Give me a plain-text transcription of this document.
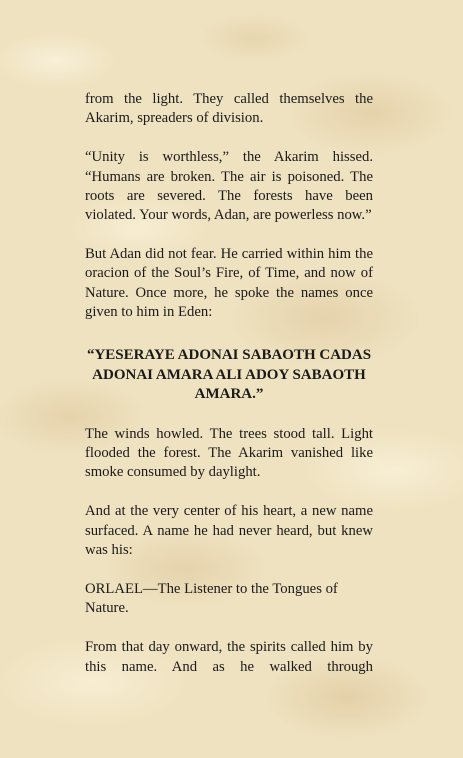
from the light. They called themselves the Akarim, spreaders of division.

“Unity is worthless,” the Akarim hissed. “Humans are broken. The air is poisoned. The roots are severed. The forests have been violated. Your words, Adan, are powerless now.”

But Adan did not fear. He carried within him the oracion of the Soul’s Fire, of Time, and now of Nature. Once more, he spoke the names once given to him in Eden:

“YESERAYE ADONAI SABAOTH CADAS ADONAI AMARA ALI ADOY SABAOTH AMARA.”

The winds howled. The trees stood tall. Light flooded the forest. The Akarim vanished like smoke consumed by daylight.

And at the very center of his heart, a new name surfaced. A name he had never heard, but knew was his:

ORLAEL—The Listener to the Tongues of Nature.

From that day onward, the spirits called him by this name. And as he walked through
